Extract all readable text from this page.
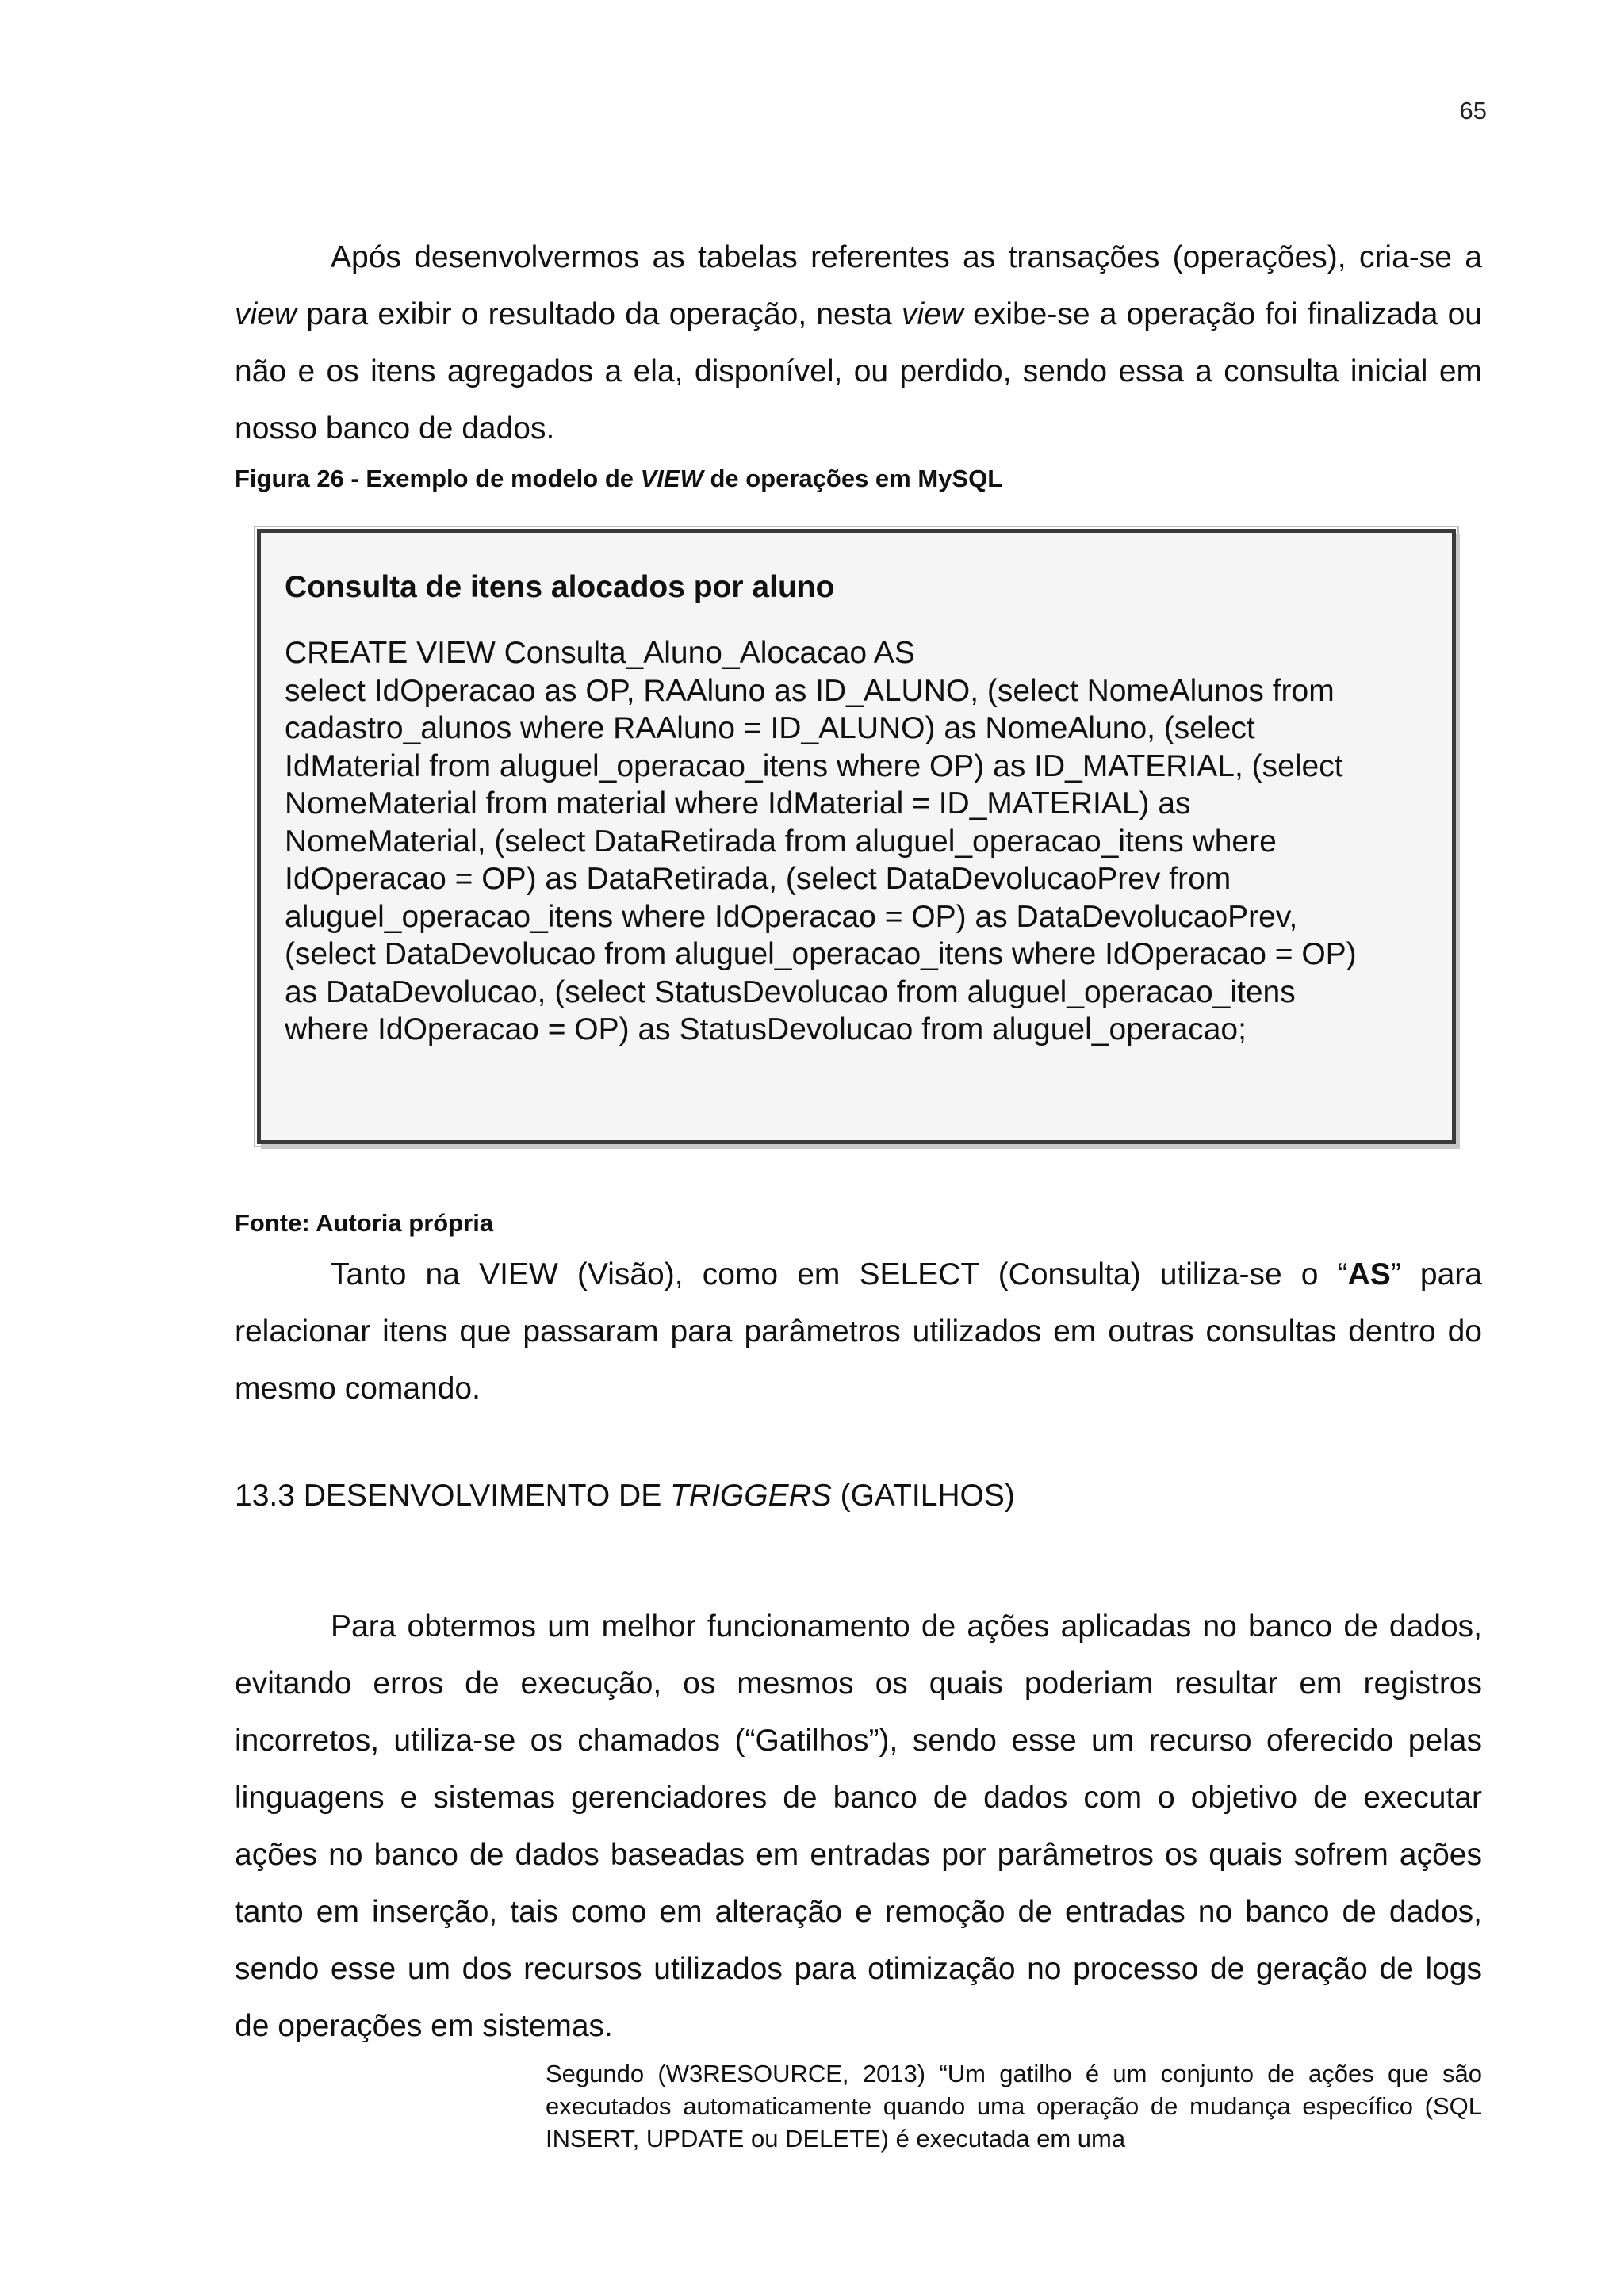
65

Após desenvolvermos as tabelas referentes as transações (operações), cria-se a view para exibir o resultado da operação, nesta view exibe-se a operação foi finalizada ou não e os itens agregados a ela, disponível, ou perdido, sendo essa a consulta inicial em nosso banco de dados.

Figura 26 - Exemplo de modelo de VIEW de operações em MySQL

Consulta de itens alocados por aluno

CREATE VIEW Consulta_Aluno_Alocacao AS

select IdOperacao as OP, RAAluno as ID_ALUNO, (select NomeAlunos from

cadastro_alunos where RAAluno = ID_ALUNO) as NomeAluno, (select

IdMaterial from aluguel_operacao_itens where OP) as ID_MATERIAL, (select

NomeMaterial from material where IdMaterial = ID_MATERIAL) as

NomeMaterial, (select DataRetirada from aluguel_operacao_itens where

IdOperacao = OP) as DataRetirada, (select DataDevolucaoPrev from

aluguel_operacao_itens where IdOperacao = OP) as DataDevolucaoPrev,

(select DataDevolucao from aluguel_operacao_itens where IdOperacao = OP)

as DataDevolucao, (select StatusDevolucao from aluguel_operacao_itens

where IdOperacao = OP) as StatusDevolucao from aluguel_operacao;

Fonte: Autoria própria

Tanto na VIEW (Visão), como em SELECT (Consulta) utiliza-se o “AS” para relacionar itens que passaram para parâmetros utilizados em outras consultas dentro do mesmo comando.

13.3 DESENVOLVIMENTO DE TRIGGERS (GATILHOS)

Para obtermos um melhor funcionamento de ações aplicadas no banco de dados, evitando erros de execução, os mesmos os quais poderiam resultar em registros incorretos, utiliza-se os chamados (“Gatilhos”), sendo esse um recurso oferecido pelas linguagens e sistemas gerenciadores de banco de dados com o objetivo de executar ações no banco de dados baseadas em entradas por parâmetros os quais sofrem ações tanto em inserção, tais como em alteração e remoção de entradas no banco de dados, sendo esse um dos recursos utilizados para otimização no processo de geração de logs de operações em sistemas.

Segundo (W3RESOURCE, 2013) “Um gatilho é um conjunto de ações que são executados automaticamente quando uma operação de mudança específico (SQL INSERT, UPDATE ou DELETE) é executada em uma
